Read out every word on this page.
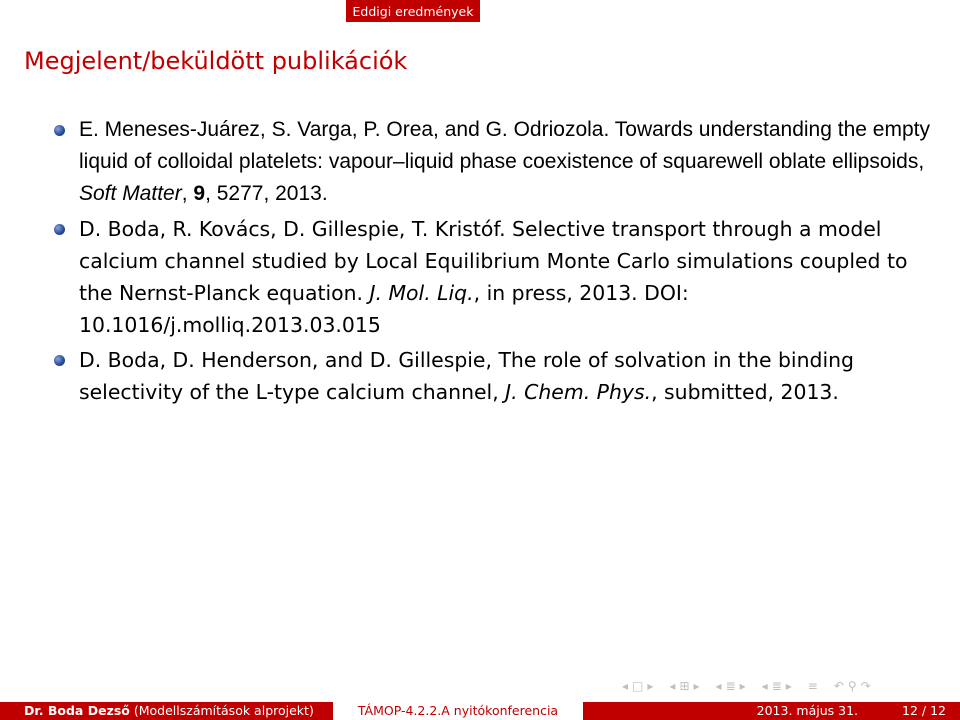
Eddigi eredmények
Megjelent/beküldött publikációk
E. Meneses-Juárez, S. Varga, P. Orea, and G. Odriozola. Towards understanding the empty liquid of colloidal platelets: vapour–liquid phase coexistence of squarewell oblate ellipsoids, Soft Matter, 9, 5277, 2013.
D. Boda, R. Kovács, D. Gillespie, T. Kristóf. Selective transport through a model calcium channel studied by Local Equilibrium Monte Carlo simulations coupled to the Nernst-Planck equation. J. Mol. Liq., in press, 2013. DOI: 10.1016/j.molliq.2013.03.015
D. Boda, D. Henderson, and D. Gillespie, The role of solvation in the binding selectivity of the L-type calcium channel, J. Chem. Phys., submitted, 2013.
◂ □ ▸ ◂ ⊞ ▸ ◂ ≣ ▸ ◂ ≣ ▸ ≡ ↶ ⚲ ↷
Dr. Boda Dezső (Modellszámítások alprojekt)	TÁMOP-4.2.2.A nyitókonferencia	2013. május 31.	12 / 12
